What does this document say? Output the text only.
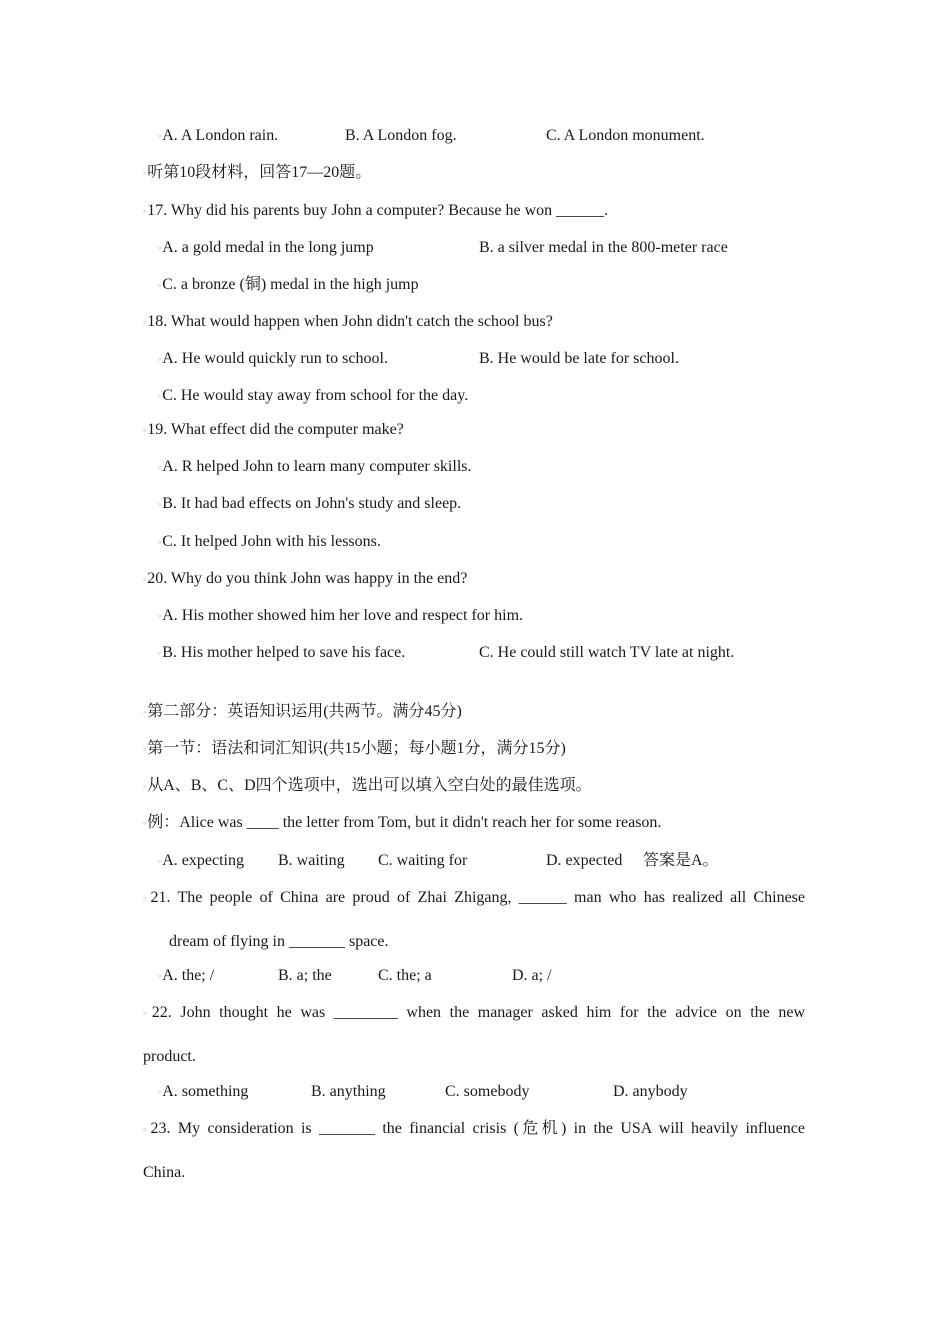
◦A. A London rain.	B. A London fog.	C. A London monument.
◦听第10段材料，回答17—20题。
◦17. Why did his parents buy John a computer? Because he won ______.
◦A. a gold medal in the long jump	B. a silver medal in the 800-meter race
◦C. a bronze (铜) medal in the high jump
◦18. What would happen when John didn't catch the school bus?
◦A. He would quickly run to school.	B. He would be late for school.
◦C. He would stay away from school for the day.
◦19. What effect did the computer make?
◦A. R helped John to learn many computer skills.
◦B. It had bad effects on John's study and sleep.
◦C. It helped John with his lessons.
◦20. Why do you think John was happy in the end?
◦A. His mother showed him her love and respect for him.
◦B. His mother helped to save his face.	C. He could still watch TV late at night.
◦第二部分：英语知识运用(共两节。满分45分)
◦第一节：语法和词汇知识(共15小题；每小题1分，满分15分)
◦从A、B、C、D四个选项中，选出可以填入空白处的最佳选项。
◦例：Alice was ____ the letter from Tom, but it didn't reach her for some reason.
◦A. expecting B. waiting C. waiting for	D. expected 答案是A。
◦21. The people of China are proud of Zhai Zhigang, ______ man who has realized all Chinese
dream of flying in _______ space.
◦A. the; /	B. a; the	C. the; a	D. a; /
◦22. John thought he was ________ when the manager asked him for the advice on the new
product.
◦A. something	B. anything	C. somebody	D. anybody
◦23. My consideration is _______ the financial crisis (危机) in the USA will heavily influence
China.
